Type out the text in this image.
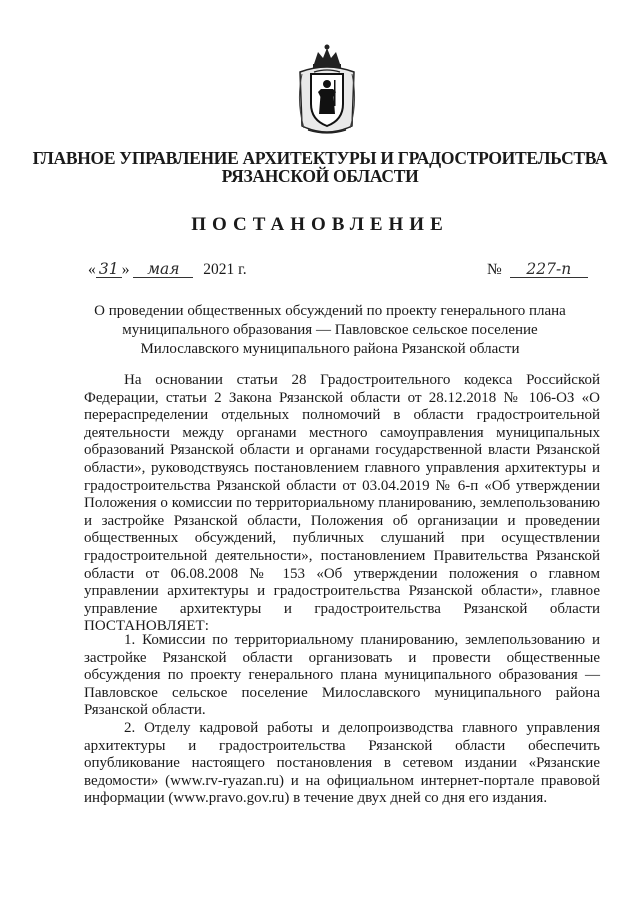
ГЛАВНОЕ УПРАВЛЕНИЕ АРХИТЕКТУРЫ И ГРАДОСТРОИТЕЛЬСТВА
РЯЗАНСКОЙ ОБЛАСТИ
ПОСТАНОВЛЕНИЕ
« 31 » мая 2021 г.	№ 227-п
О проведении общественных обсуждений по проекту генерального плана
муниципального образования — Павловское сельское поселение
Милославского муниципального района Рязанской области
На основании статьи 28 Градостроительного кодекса Российской Федерации, статьи 2 Закона Рязанской области от 28.12.2018 № 106-ОЗ «О перераспределении отдельных полномочий в области градостроительной деятельности между органами местного самоуправления муниципальных образований Рязанской области и органами государственной власти Рязанской области», руководствуясь постановлением главного управления архитектуры и градостроительства Рязанской области от 03.04.2019 № 6-п «Об утверждении Положения о комиссии по территориальному планированию, землепользованию и застройке Рязанской области, Положения об организации и проведении общественных обсуждений, публичных слушаний при осуществлении градостроительной деятельности», постановлением Правительства Рязанской области от 06.08.2008 № 153 «Об утверждении положения о главном управлении архитектуры и градостроительства Рязанской области», главное управление архитектуры и градостроительства Рязанской области ПОСТАНОВЛЯЕТ:
1. Комиссии по территориальному планированию, землепользованию и застройке Рязанской области организовать и провести общественные обсуждения по проекту генерального плана муниципального образования — Павловское сельское поселение Милославского муниципального района Рязанской области.
2. Отделу кадровой работы и делопроизводства главного управления архитектуры и градостроительства Рязанской области обеспечить опубликование настоящего постановления в сетевом издании «Рязанские ведомости» (www.rv-ryazan.ru) и на официальном интернет-портале правовой информации (www.pravo.gov.ru) в течение двух дней со дня его издания.
